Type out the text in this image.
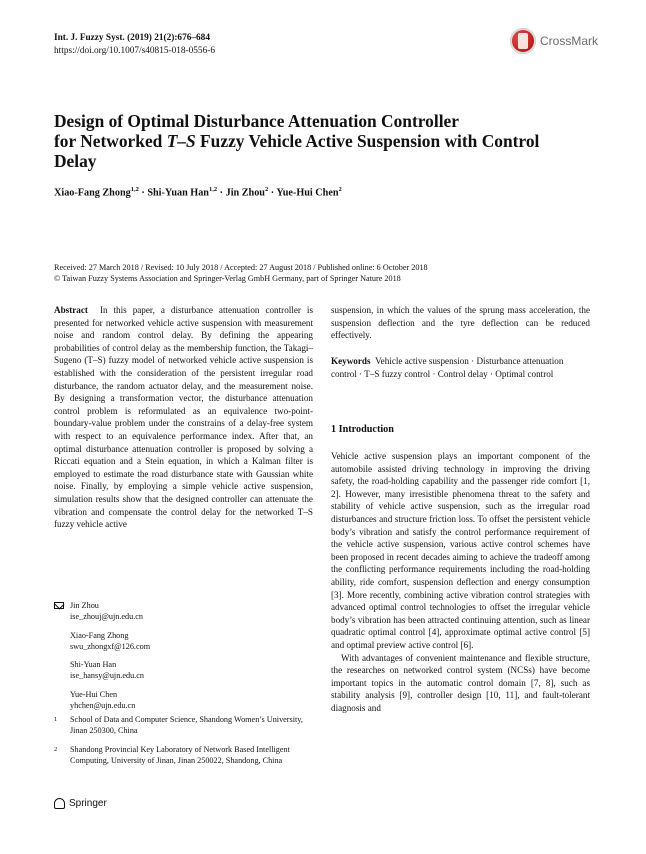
Int. J. Fuzzy Syst. (2019) 21(2):676–684
https://doi.org/10.1007/s40815-018-0556-6
CrossMark
Design of Optimal Disturbance Attenuation Controller
for Networked T–S Fuzzy Vehicle Active Suspension with Control
Delay
Xiao-Fang Zhong$^{1,2}$ · Shi-Yuan Han$^{1,2}$ · Jin Zhou$^2$ · Yue-Hui Chen$^2$
Received: 27 March 2018 / Revised: 10 July 2018 / Accepted: 27 August 2018 / Published online: 6 October 2018
© Taiwan Fuzzy Systems Association and Springer-Verlag GmbH Germany, part of Springer Nature 2018

Abstract In this paper, a disturbance attenuation controller is presented for networked vehicle active suspension with measurement noise and random control delay. By defining the appearing probabilities of control delay as the membership function, the Takagi–Sugeno (T–S) fuzzy model of networked vehicle active suspension is established with the consideration of the persistent irregular road disturbance, the random actuator delay, and the measurement noise. By designing a transformation vector, the disturbance attenuation control problem is reformulated as an equivalence two-point-boundary-value problem under the constrains of a delay-free system with respect to an equivalence performance index. After that, an optimal disturbance attenuation controller is proposed by solving a Riccati equation and a Stein equation, in which a Kalman filter is employed to estimate the road disturbance state with Gaussian white noise. Finally, by employing a simple vehicle active suspension, simulation results show that the designed controller can attenuate the vibration and compensate the control delay for the networked T–S fuzzy vehicle active

suspension, in which the values of the sprung mass acceleration, the suspension deflection and the tyre deflection can be reduced effectively.

Keywords Vehicle active suspension · Disturbance attenuation control · T–S fuzzy control · Control delay · Optimal control
1 Introduction

Vehicle active suspension plays an important component of the automobile assisted driving technology in improving the driving safety, the road-holding capability and the passenger ride comfort [1, 2]. However, many irresistible phenomena threat to the safety and stability of vehicle active suspension, such as the irregular road disturbances and structure friction loss. To offset the persistent vehicle body’s vibration and satisfy the control performance requirement of the vehicle active suspension, various active control schemes have been proposed in recent decades aiming to achieve the tradeoff among the conflicting performance requirements including the road-holding ability, ride comfort, suspension deflection and energy consumption [3]. More recently, combining active vibration control strategies with advanced optimal control technologies to offset the irregular vehicle body’s vibration has been attracted continuing attention, such as linear quadratic optimal control [4], approximate optimal active control [5] and optimal preview active control [6].

With advantages of convenient maintenance and flexible structure, the researches on networked control system (NCSs) have become important topics in the automatic control domain [7, 8], such as stability analysis [9], controller design [10, 11], and fault-tolerant diagnosis and

Jin Zhou
ise_zhouj@ujn.edu.cn
Xiao-Fang Zhong
swu_zhongxf@126.com
Shi-Yuan Han
ise_hansy@ujn.edu.cn
Yue-Hui Chen
yhchen@ujn.edu.cn
1 School of Data and Computer Science, Shandong Women’s University, Jinan 250300, China
2 Shandong Provincial Key Laboratory of Network Based Intelligent Computing, University of Jinan, Jinan 250022, Shandong, China
Springer
